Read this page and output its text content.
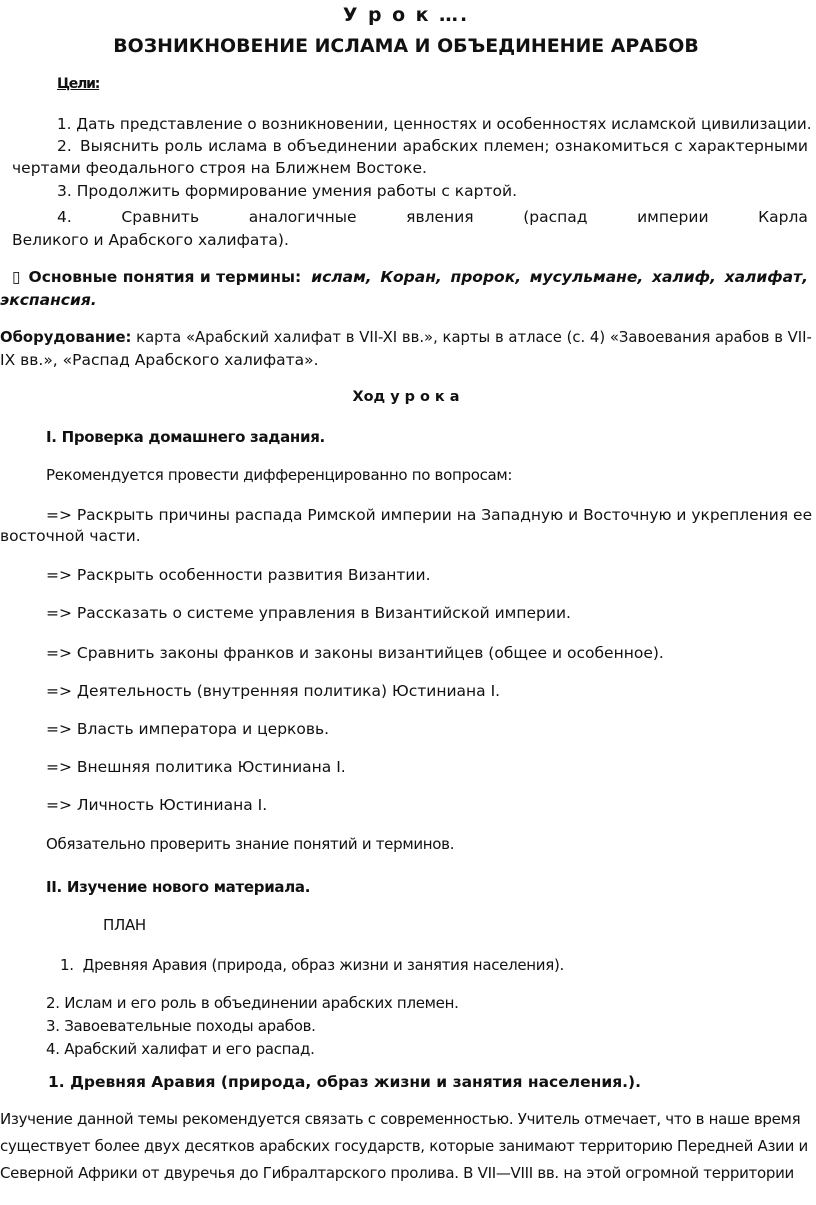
У р о к ….
ВОЗНИКНОВЕНИЕ ИСЛАМА И ОБЪЕДИНЕНИЕ АРАБОВ
Цели:
1. Дать представление о возникновении, ценностях и особенностях исламской цивилизации.
2. Выяснить роль ислама в объединении арабских племен; ознакомиться с характерными
чертами феодального строя на Ближнем Востоке.
3. Продолжить формирование умения работы с картой.
4.	Сравнить	аналогичные	явления	(распад	империи	Карла
Великого и Арабского халифата).
▯ Основные понятия и термины: ислам, Коран, пророк, мусульмане, халиф, халифат,
экспансия.
Оборудование: карта «Арабский халифат в VII-XI вв.», карты в атласе (с. 4) «Завоевания арабов в VII-
IX вв.», «Распад Арабского халифата».
Ход у р о к а
I. Проверка домашнего задания.
Рекомендуется провести дифференцированно по вопросам:
=> Раскрыть причины распада Римской империи на Западную и Восточную и укрепления ее
восточной части.
=> Раскрыть особенности развития Византии.
=> Рассказать о системе управления в Византийской империи.
=> Сравнить законы франков и законы византийцев (общее и особенное).
=> Деятельность (внутренняя политика) Юстиниана I.
=> Власть императора и церковь.
=> Внешняя политика Юстиниана I.
=> Личность Юстиниана I.
Обязательно проверить знание понятий и терминов.
II. Изучение нового материала.
ПЛАН
1. Древняя Аравия (природа, образ жизни и занятия населения).
2. Ислам и его роль в объединении арабских племен.
3. Завоевательные походы арабов.
4. Арабский халифат и его распад.
1. Древняя Аравия (природа, образ жизни и занятия населения.).
Изучение данной темы рекомендуется связать с современностью. Учитель отмечает, что в наше время
существует более двух десятков арабских государств, которые занимают территорию Передней Азии и
Северной Африки от двуречья до Гибралтарского пролива. В VII—VIII вв. на этой огромной территории
